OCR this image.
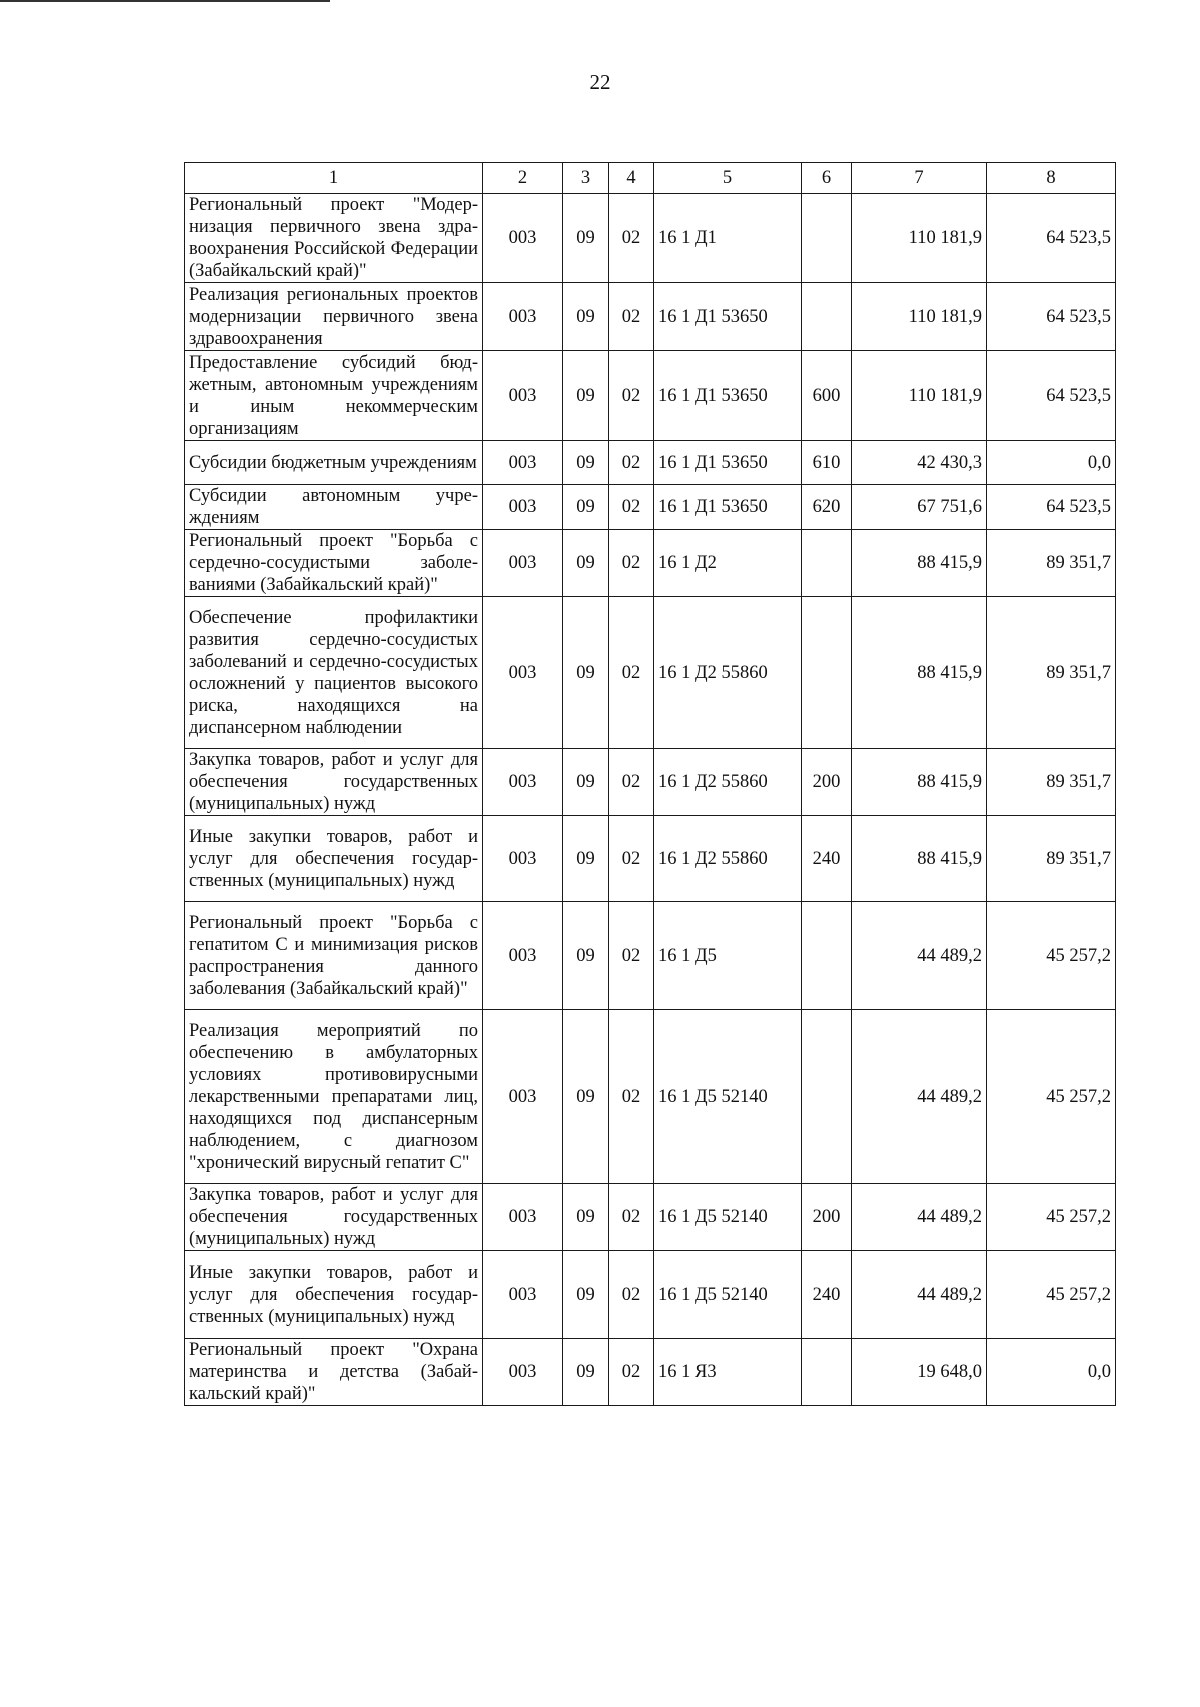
22
1	2	3	4	5	6	7	8
Региональный проект "Модернизация первичного звена здравоохранения Российской Федерации (Забайкальский край)"	003	09	02	16 1 Д1		110 181,9	64 523,5
Реализация региональных проектов модернизации первичного звена здравоохранения	003	09	02	16 1 Д1 53650		110 181,9	64 523,5
Предоставление субсидий бюджетным, автономным учреждениям и иным некоммерческим организациям	003	09	02	16 1 Д1 53650	600	110 181,9	64 523,5
Субсидии бюджетным учреждениям	003	09	02	16 1 Д1 53650	610	42 430,3	0,0
Субсидии автономным учреждениям	003	09	02	16 1 Д1 53650	620	67 751,6	64 523,5
Региональный проект "Борьба с сердечно-сосудистыми заболеваниями (Забайкальский край)"	003	09	02	16 1 Д2		88 415,9	89 351,7
Обеспечение профилактики развития сердечно-сосудистых заболеваний и сердечно-сосудистых осложнений у пациентов высокого риска, находящихся на диспансерном наблюдении	003	09	02	16 1 Д2 55860		88 415,9	89 351,7
Закупка товаров, работ и услуг для обеспечения государственных (муниципальных) нужд	003	09	02	16 1 Д2 55860	200	88 415,9	89 351,7
Иные закупки товаров, работ и услуг для обеспечения государственных (муниципальных) нужд	003	09	02	16 1 Д2 55860	240	88 415,9	89 351,7
Региональный проект "Борьба с гепатитом С и минимизация рисков распространения данного заболевания (Забайкальский край)"	003	09	02	16 1 Д5		44 489,2	45 257,2
Реализация мероприятий по обеспечению в амбулаторных условиях противовирусными лекарственными препаратами лиц, находящихся под диспансерным наблюдением, с диагнозом "хронический вирусный гепатит С"	003	09	02	16 1 Д5 52140		44 489,2	45 257,2
Закупка товаров, работ и услуг для обеспечения государственных (муниципальных) нужд	003	09	02	16 1 Д5 52140	200	44 489,2	45 257,2
Иные закупки товаров, работ и услуг для обеспечения государственных (муниципальных) нужд	003	09	02	16 1 Д5 52140	240	44 489,2	45 257,2
Региональный проект "Охрана материнства и детства (Забайкальский край)"	003	09	02	16 1 Я3		19 648,0	0,0
